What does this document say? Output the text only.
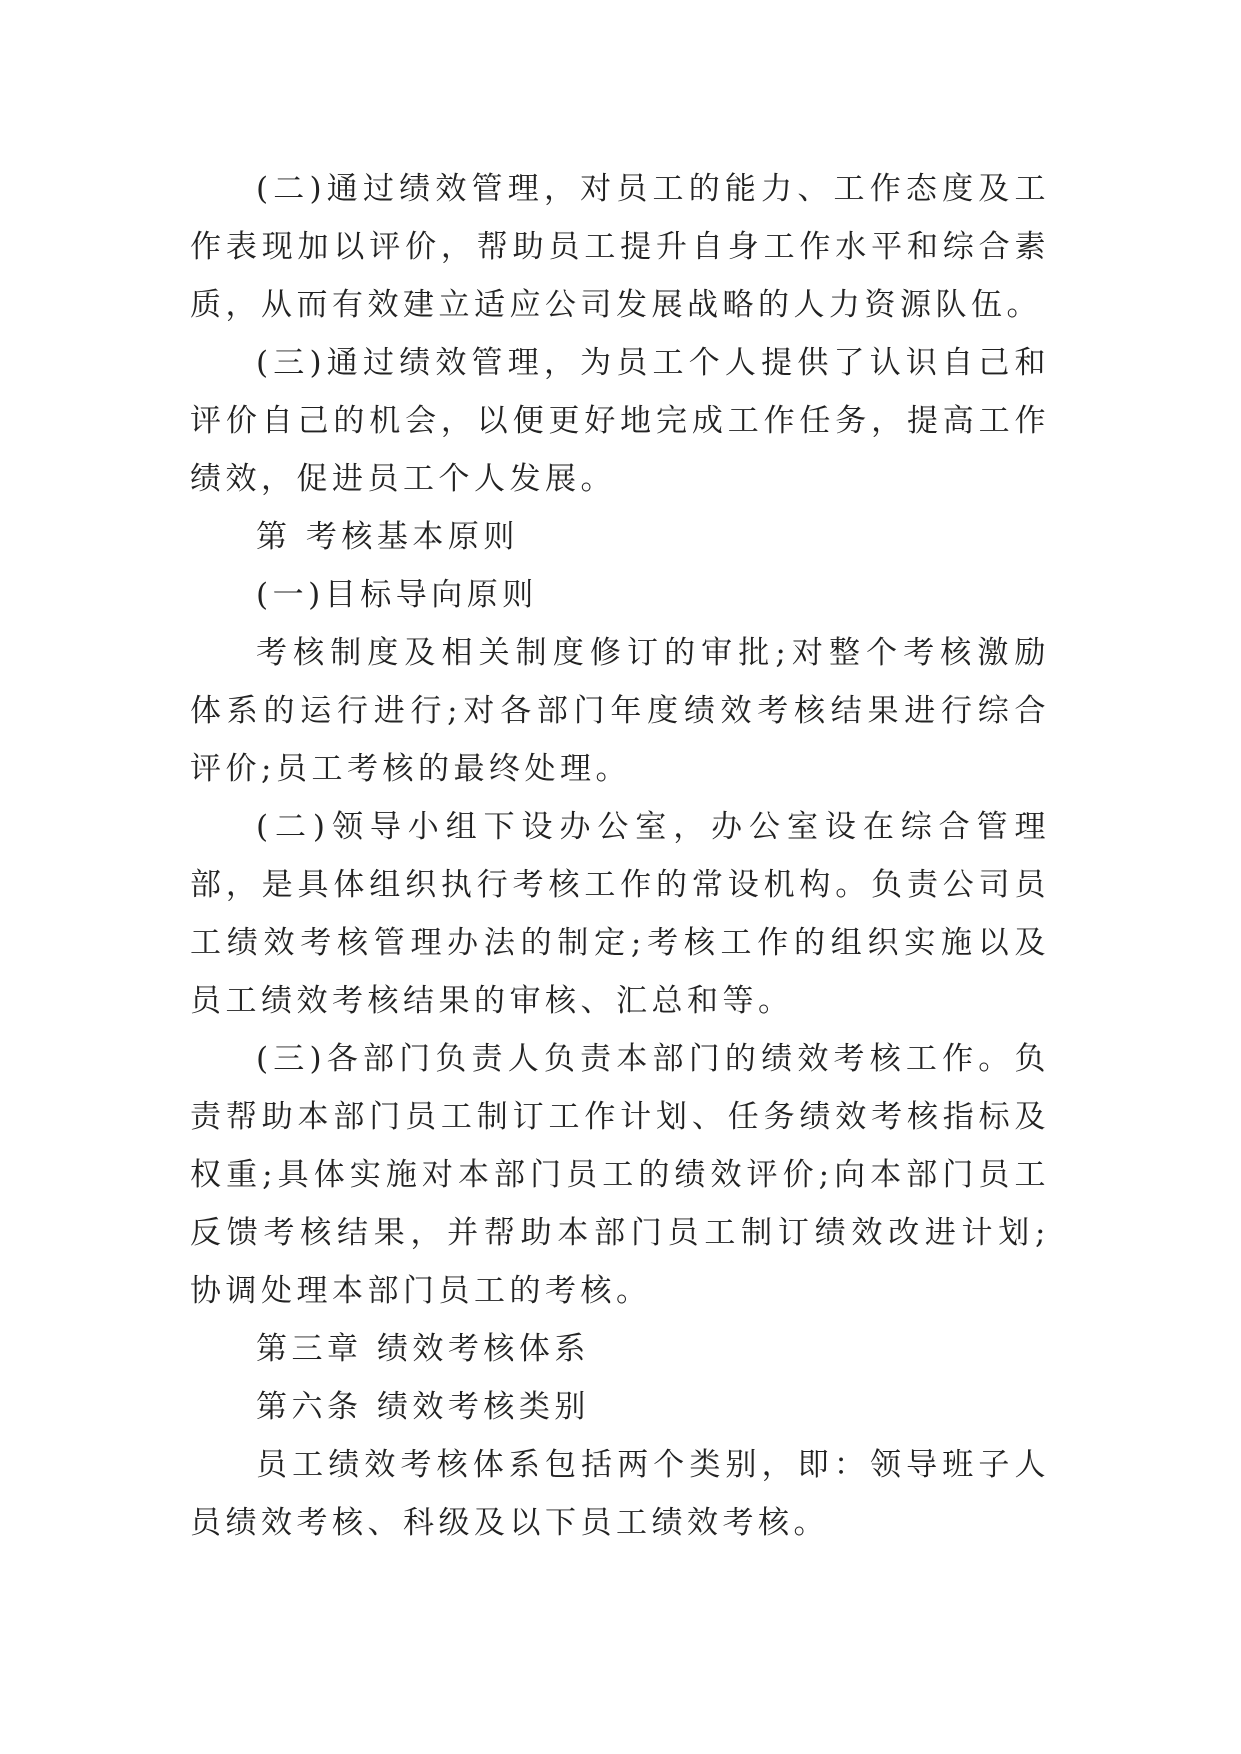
(二)通过绩效管理，对员工的能力、工作态度及工作表现加以评价，帮助员工提升自身工作水平和综合素质，从而有效建立适应公司发展战略的人力资源队伍。

(三)通过绩效管理，为员工个人提供了认识自己和评价自己的机会，以便更好地完成工作任务，提高工作绩效，促进员工个人发展。

第 考核基本原则

(一)目标导向原则

考核制度及相关制度修订的审批;对整个考核激励体系的运行进行;对各部门年度绩效考核结果进行综合评价;员工考核的最终处理。

(二)领导小组下设办公室，办公室设在综合管理部，是具体组织执行考核工作的常设机构。负责公司员工绩效考核管理办法的制定;考核工作的组织实施以及员工绩效考核结果的审核、汇总和等。

(三)各部门负责人负责本部门的绩效考核工作。负责帮助本部门员工制订工作计划、任务绩效考核指标及权重;具体实施对本部门员工的绩效评价;向本部门员工反馈考核结果，并帮助本部门员工制订绩效改进计划;协调处理本部门员工的考核。

第三章 绩效考核体系

第六条 绩效考核类别

员工绩效考核体系包括两个类别，即：领导班子人员绩效考核、科级及以下员工绩效考核。
